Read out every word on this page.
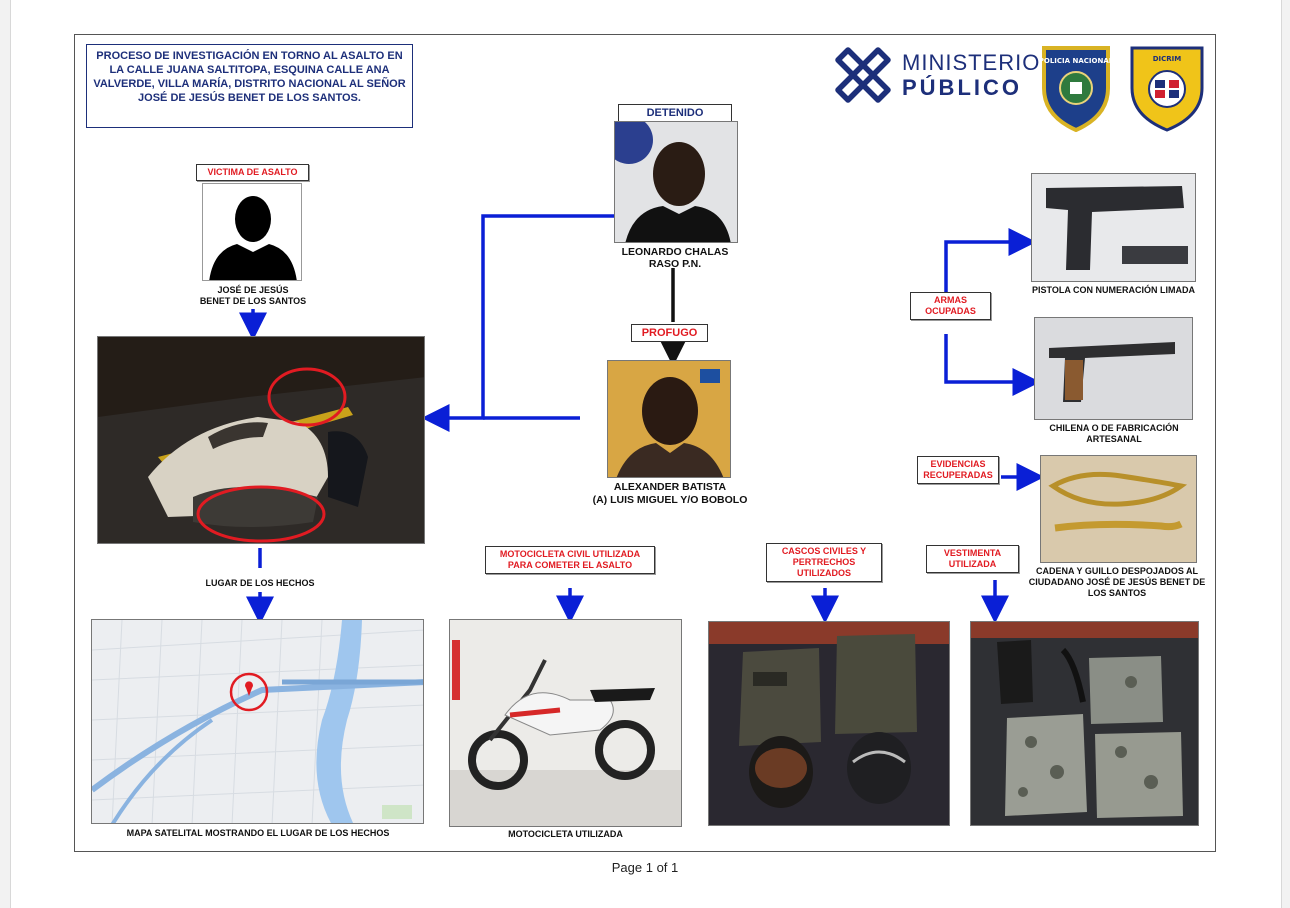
PROCESO DE INVESTIGACIÓN EN TORNO AL ASALTO EN LA CALLE JUANA SALTITOPA, ESQUINA CALLE ANA VALVERDE, VILLA MARÍA, DISTRITO NACIONAL AL SEÑOR JOSÉ DE JESÚS BENET DE LOS SANTOS.
MINISTERIO
PÚBLICO
POLICIA NACIONAL	DICRIM
VICTIMA DE ASALTO
JOSÉ DE JESÚS
BENET DE LOS SANTOS
LUGAR DE LOS HECHOS
MAPA SATELITAL MOSTRANDO EL LUGAR DE LOS HECHOS
DETENIDO
LEONARDO CHALAS
RASO P.N.
PROFUGO
ALEXANDER BATISTA
(A) LUIS MIGUEL Y/O BOBOLO
MOTOCICLETA CIVIL UTILIZADA PARA COMETER EL ASALTO
MOTOCICLETA UTILIZADA
CASCOS CIVILES Y PERTRECHOS UTILIZADOS
VESTIMENTA UTILIZADA
ARMAS OCUPADAS
PISTOLA CON NUMERACIÓN LIMADA
CHILENA O DE FABRICACIÓN ARTESANAL
EVIDENCIAS RECUPERADAS
CADENA Y GUILLO DESPOJADOS AL CIUDADANO JOSÉ DE JESÚS BENET DE LOS SANTOS
Page 1 of 1
